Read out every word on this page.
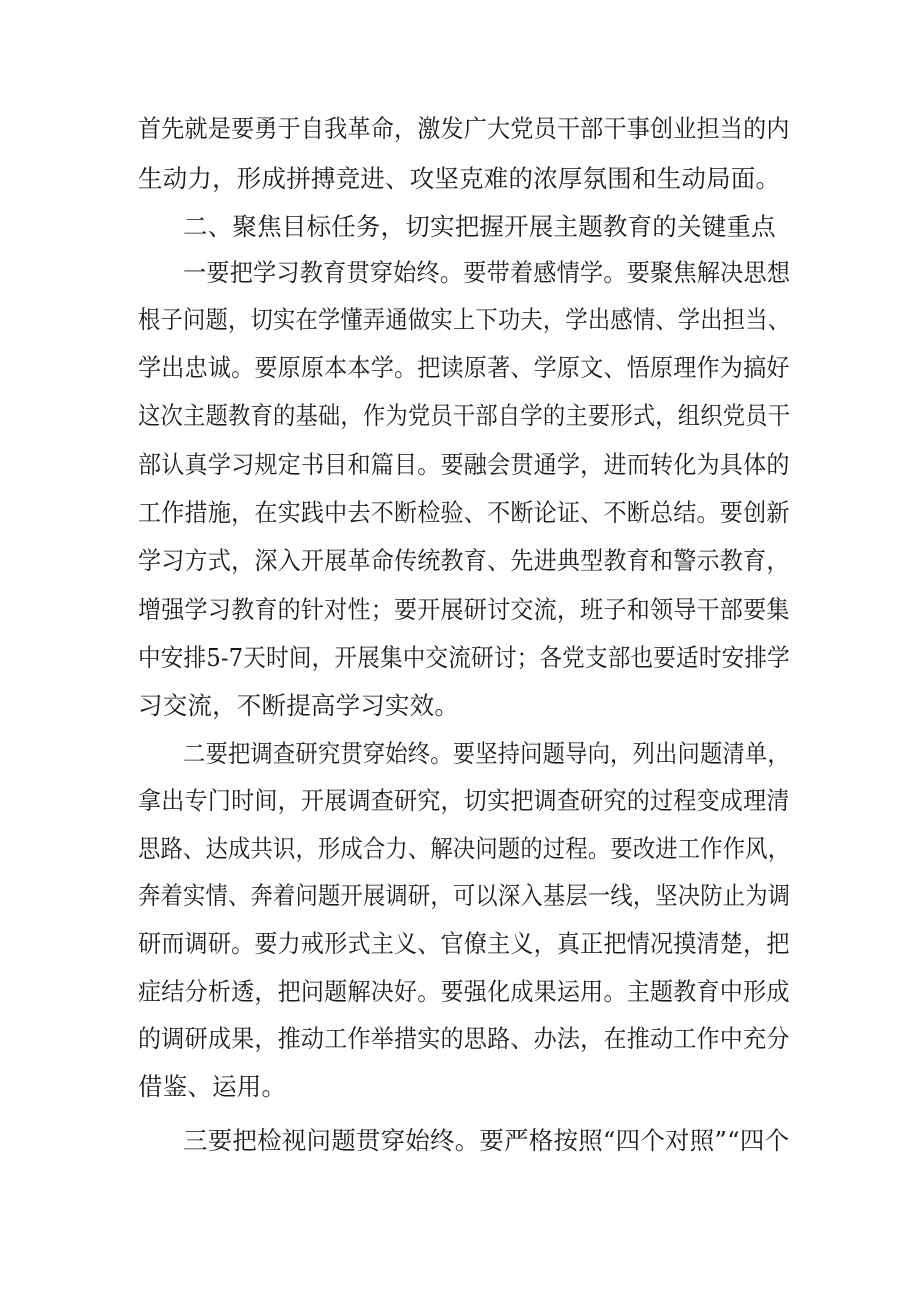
首先就是要勇于自我革命，激发广大党员干部干事创业担当的内
生动力，形成拼搏竞进、攻坚克难的浓厚氛围和生动局面。
二、聚焦目标任务，切实把握开展主题教育的关键重点
一要把学习教育贯穿始终。要带着感情学。要聚焦解决思想
根子问题，切实在学懂弄通做实上下功夫，学出感情、学出担当、
学出忠诚。要原原本本学。把读原著、学原文、悟原理作为搞好
这次主题教育的基础，作为党员干部自学的主要形式，组织党员干
部认真学习规定书目和篇目。要融会贯通学，进而转化为具体的
工作措施，在实践中去不断检验、不断论证、不断总结。要创新
学习方式，深入开展革命传统教育、先进典型教育和警示教育，
增强学习教育的针对性；要开展研讨交流，班子和领导干部要集
中安排5-7天时间，开展集中交流研讨；各党支部也要适时安排学
习交流，不断提高学习实效。
二要把调查研究贯穿始终。要坚持问题导向，列出问题清单，
拿出专门时间，开展调查研究，切实把调查研究的过程变成理清
思路、达成共识，形成合力、解决问题的过程。要改进工作作风，
奔着实情、奔着问题开展调研，可以深入基层一线，坚决防止为调
研而调研。要力戒形式主义、官僚主义，真正把情况摸清楚，把
症结分析透，把问题解决好。要强化成果运用。主题教育中形成
的调研成果，推动工作举措实的思路、办法，在推动工作中充分
借鉴、运用。
三要把检视问题贯穿始终。要严格按照“四个对照”“四个
